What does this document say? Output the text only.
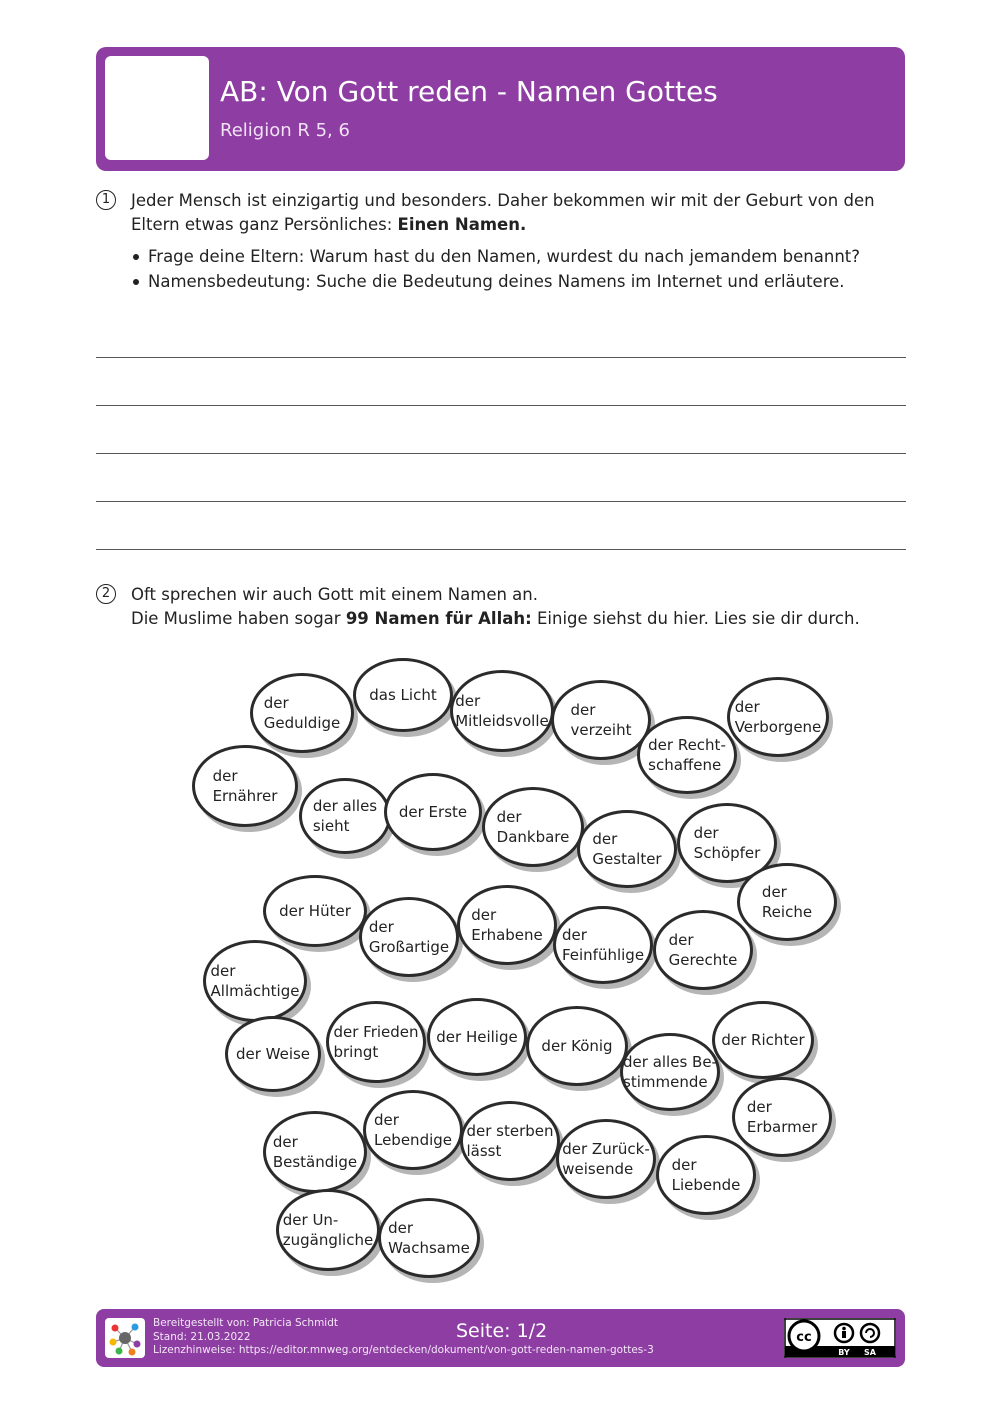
AB: Von Gott reden - Namen Gottes
Religion R 5, 6
1	Jeder Mensch ist einzigartig und besonders. Daher bekommen wir mit der Geburt von den
Eltern etwas ganz Persönliches: Einen Namen.
Frage deine Eltern: Warum hast du den Namen, wurdest du nach jemandem benannt?
Namensbedeutung: Suche die Bedeutung deines Namens im Internet und erläutere.
2	Oft sprechen wir auch Gott mit einem Namen an.
Die Muslime haben sogar 99 Namen für Allah: Einige siehst du hier. Lies sie dir durch.
der
Geduldige
das Licht der
Mitleidsvolle
der
verzeiht
der
Verborgene
der Recht-
schaffene
der
Ernährer
der alles
sieht
der Erste der
Dankbare der
Gestalter
der
Schöpfer
der
Reiche
der Hüter
der
Großartige
der
Erhabene der
Feinfühlige
der
Gerechte
der
Allmächtige
der Weise
der Frieden
bringt
der Heilige der König	der Richter
der alles Be-
stimmende
der
Erbarmer
der
Beständige
der
Lebendige der sterben
lässt	der Zurück-
weisende	der
Liebende
der Un-
zugängliche
der
Wachsame
Bereitgestellt von: Patricia Schmidt
Stand: 21.03.2022
Lizenzhinweise: https://editor.mnweg.org/entdecken/dokument/von-gott-reden-namen-gottes-3
Seite: 1/2	cc
BY SA
